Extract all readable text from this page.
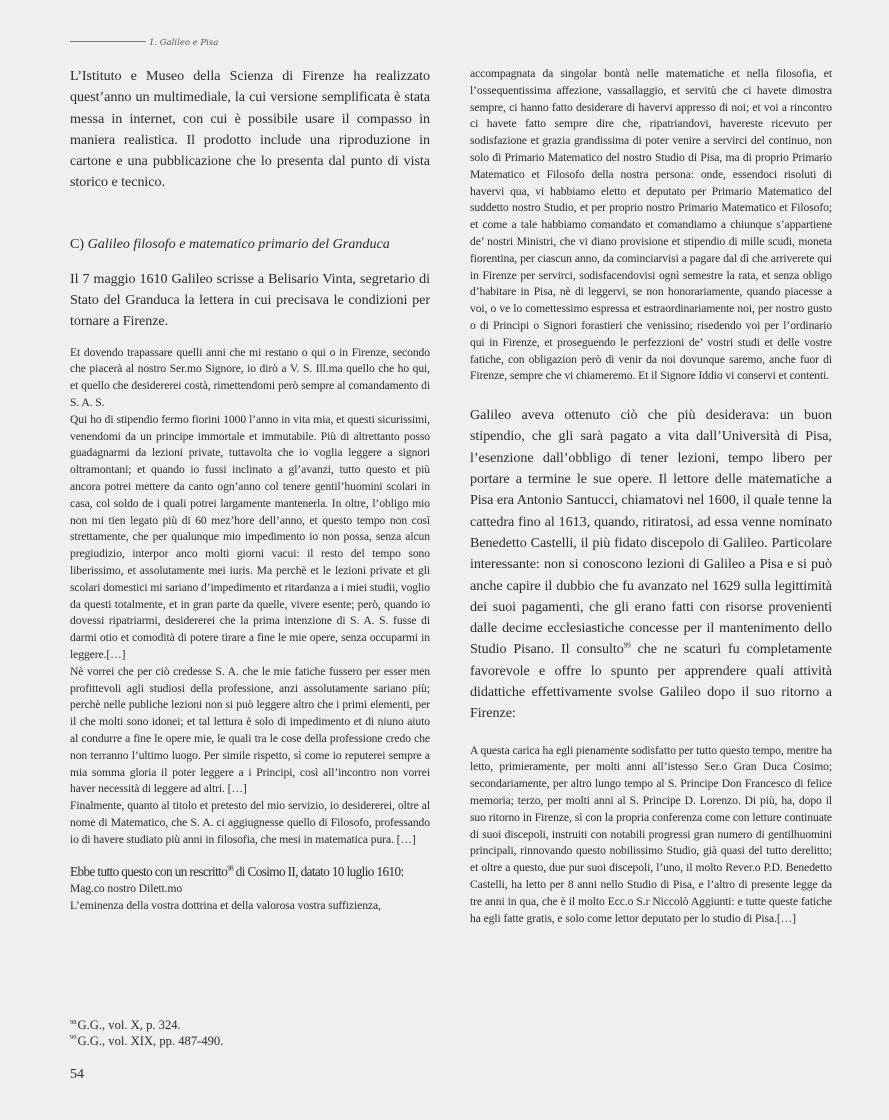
1. Galileo e Pisa

L’Istituto e Museo della Scienza di Firenze ha realizzato quest’anno un multimediale, la cui versione semplificata è stata messa in internet, con cui è possibile usare il compasso in maniera realistica. Il prodotto include una riproduzione in cartone e una pubblicazione che lo presenta dal punto di vista storico e tecnico.

C) Galileo filosofo e matematico primario del Granduca

Il 7 maggio 1610 Galileo scrisse a Belisario Vinta, segretario di Stato del Granduca la lettera in cui precisava le condizioni per tornare a Firenze.

Et dovendo trapassare quelli anni che mi restano o qui o in Firenze, secondo che piacerà al nostro Ser.mo Signore, io dirò a V. S. Ill.ma quello che ho qui, et quello che desidererei costà, rimettendomi però sempre al comandamento di S. A. S.

Qui ho di stipendio fermo fiorini 1000 l’anno in vita mia, et questi sicurissimi, venendomi da un principe immortale et immutabile. Più di altrettanto posso guadagnarmi da lezioni private, tuttavolta che io voglia leggere a signori oltramontani; et quando io fussi inclinato a gl’avanzi, tutto questo et più ancora potrei mettere da canto ogn’anno col tenere gentil’huomini scolari in casa, col soldo de i quali potrei largamente mantenerla. In oltre, l’obligo mio non mi tien legato più di 60 mez’hore dell’anno, et questo tempo non così strettamente, che per qualunque mio impedimento io non possa, senza alcun pregiudizio, interpor anco molti giorni vacui: il resto del tempo sono liberissimo, et assolutamente mei iuris. Ma perchè et le lezioni private et gli scolari domestici mi sariano d’impedimento et ritardanza a i miei studii, voglio da questi totalmente, et in gran parte da quelle, vivere esente; però, quando io dovessi ripatriarmi, desidererei che la prima intenzione di S. A. S. fusse di darmi otio et comodità di potere tirare a fine le mie opere, senza occuparmi in leggere.[…]

Nè vorrei che per ciò credesse S. A. che le mie fatiche fussero per esser men profittevoli agli studiosi della professione, anzi assolutamente sariano più; perchè nelle publiche lezioni non si può leggere altro che i primi elementi, per il che molti sono idonei; et tal lettura è solo di impedimento et di niuno aiuto al condurre a fine le opere mie, le quali tra le cose della professione credo che non terranno l’ultimo luogo. Per simile rispetto, sì come io reputerei sempre a mia somma gloria il poter leggere a i Principi, così all’incontro non vorrei haver necessità di leggere ad altri. […]

Finalmente, quanto al titolo et pretesto del mio servizio, io desidererei, oltre al nome di Matematico, che S. A. ci aggiugnesse quello di Filosofo, professando io di havere studiato più anni in filosofia, che mesi in matematica pura. […]

Ebbe tutto questo con un rescritto$^{98}$ di Cosimo II, datato 10 luglio 1610:

Mag.co nostro Dilett.mo

L’eminenza della vostra dottrina et della valorosa vostra suffizienza,

accompagnata da singolar bontà nelle matematiche et nella filosofia, et l’ossequentissima affezione, vassallaggio, et servitù che ci havete dimostra sempre, ci hanno fatto desiderare di havervi appresso di noi; et voi a rincontro ci havete fatto sempre dire che, ripatriandovi, havereste ricevuto per sodisfazione et grazia grandissima di poter venire a servirci del continuo, non solo di Primario Matematico del nostro Studio di Pisa, ma di proprio Primario Matematico et Filosofo della nostra persona: onde, essendoci risoluti di havervi qua, vi habbiamo eletto et deputato per Primario Matematico del suddetto nostro Studio, et per proprio nostro Primario Matematico et Filosofo; et come a tale habbiamo comandato et comandiamo a chiunque s’appartiene de’ nostri Ministri, che vi diano provisione et stipendio di mille scudi, moneta fiorentina, per ciascun anno, da cominciarvisi a pagare dal dì che arriverete qui in Firenze per servirci, sodisfacendovisi ognì semestre la rata, et senza obligo d’habitare in Pisa, nè di leggervi, se non honorariamente, quando piacesse a voi, o ve lo comettessimo espressa et estraordinariamente noi, per nostro gusto o di Principi o Signori forastieri che venissino; risedendo voi per l’ordinario qui in Firenze, et proseguendo le perfezzioni de’ vostri studi et delle vostre fatiche, con obligazion però di venir da noi dovunque saremo, anche fuor di Firenze, sempre che vi chiameremo. Et il Signore Iddio vi conservi et contenti.

Galileo aveva ottenuto ciò che più desiderava: un buon stipendio, che gli sarà pagato a vita dall’Università di Pisa, l’esenzione dall’obbligo di tener lezioni, tempo libero per portare a termine le sue opere. Il lettore delle matematiche a Pisa era Antonio Santucci, chiamatovi nel 1600, il quale tenne la cattedra fino al 1613, quando, ritiratosi, ad essa venne nominato Benedetto Castelli, il più fidato discepolo di Galileo. Particolare interessante: non si conoscono lezioni di Galileo a Pisa e si può anche capire il dubbio che fu avanzato nel 1629 sulla legittimità dei suoi pagamenti, che gli erano fatti con risorse provenienti dalle decime ecclesiastiche concesse per il mantenimento dello Studio Pisano. Il consulto$^{99}$ che ne scaturì fu completamente favorevole e offre lo spunto per apprendere quali attività didattiche effettivamente svolse Galileo dopo il suo ritorno a Firenze:

A questa carica ha egli pienamente sodisfatto per tutto questo tempo, mentre ha letto, primieramente, per molti anni all’istesso Ser.o Gran Duca Cosimo; secondariamente, per altro lungo tempo al S. Principe Don Francesco di felice memoria; terzo, per molti anni al S. Principe D. Lorenzo. Di più, ha, dopo il suo ritorno in Firenze, sì con la propria conferenza come con letture continuate di suoi discepoli, instruiti con notabili progressi gran numero di gentilhuomini principali, rinnovando questo nobilissimo Studio, già quasi del tutto derelitto; et oltre a questo, due pur suoi discepoli, l’uno, il molto Rever.o P.D. Benedetto Castelli, ha letto per 8 anni nello Studio di Pisa, e l’altro di presente legge da tre anni in qua, che è il molto Ecc.o S.r Niccolò Aggiunti: e tutte queste fatiche ha egli fatte gratis, e solo come lettor deputato per lo studio di Pisa.[…]

$^{98}$G.G., vol. X, p. 324.
$^{99}$G.G., vol. XIX, pp. 487-490.
54
